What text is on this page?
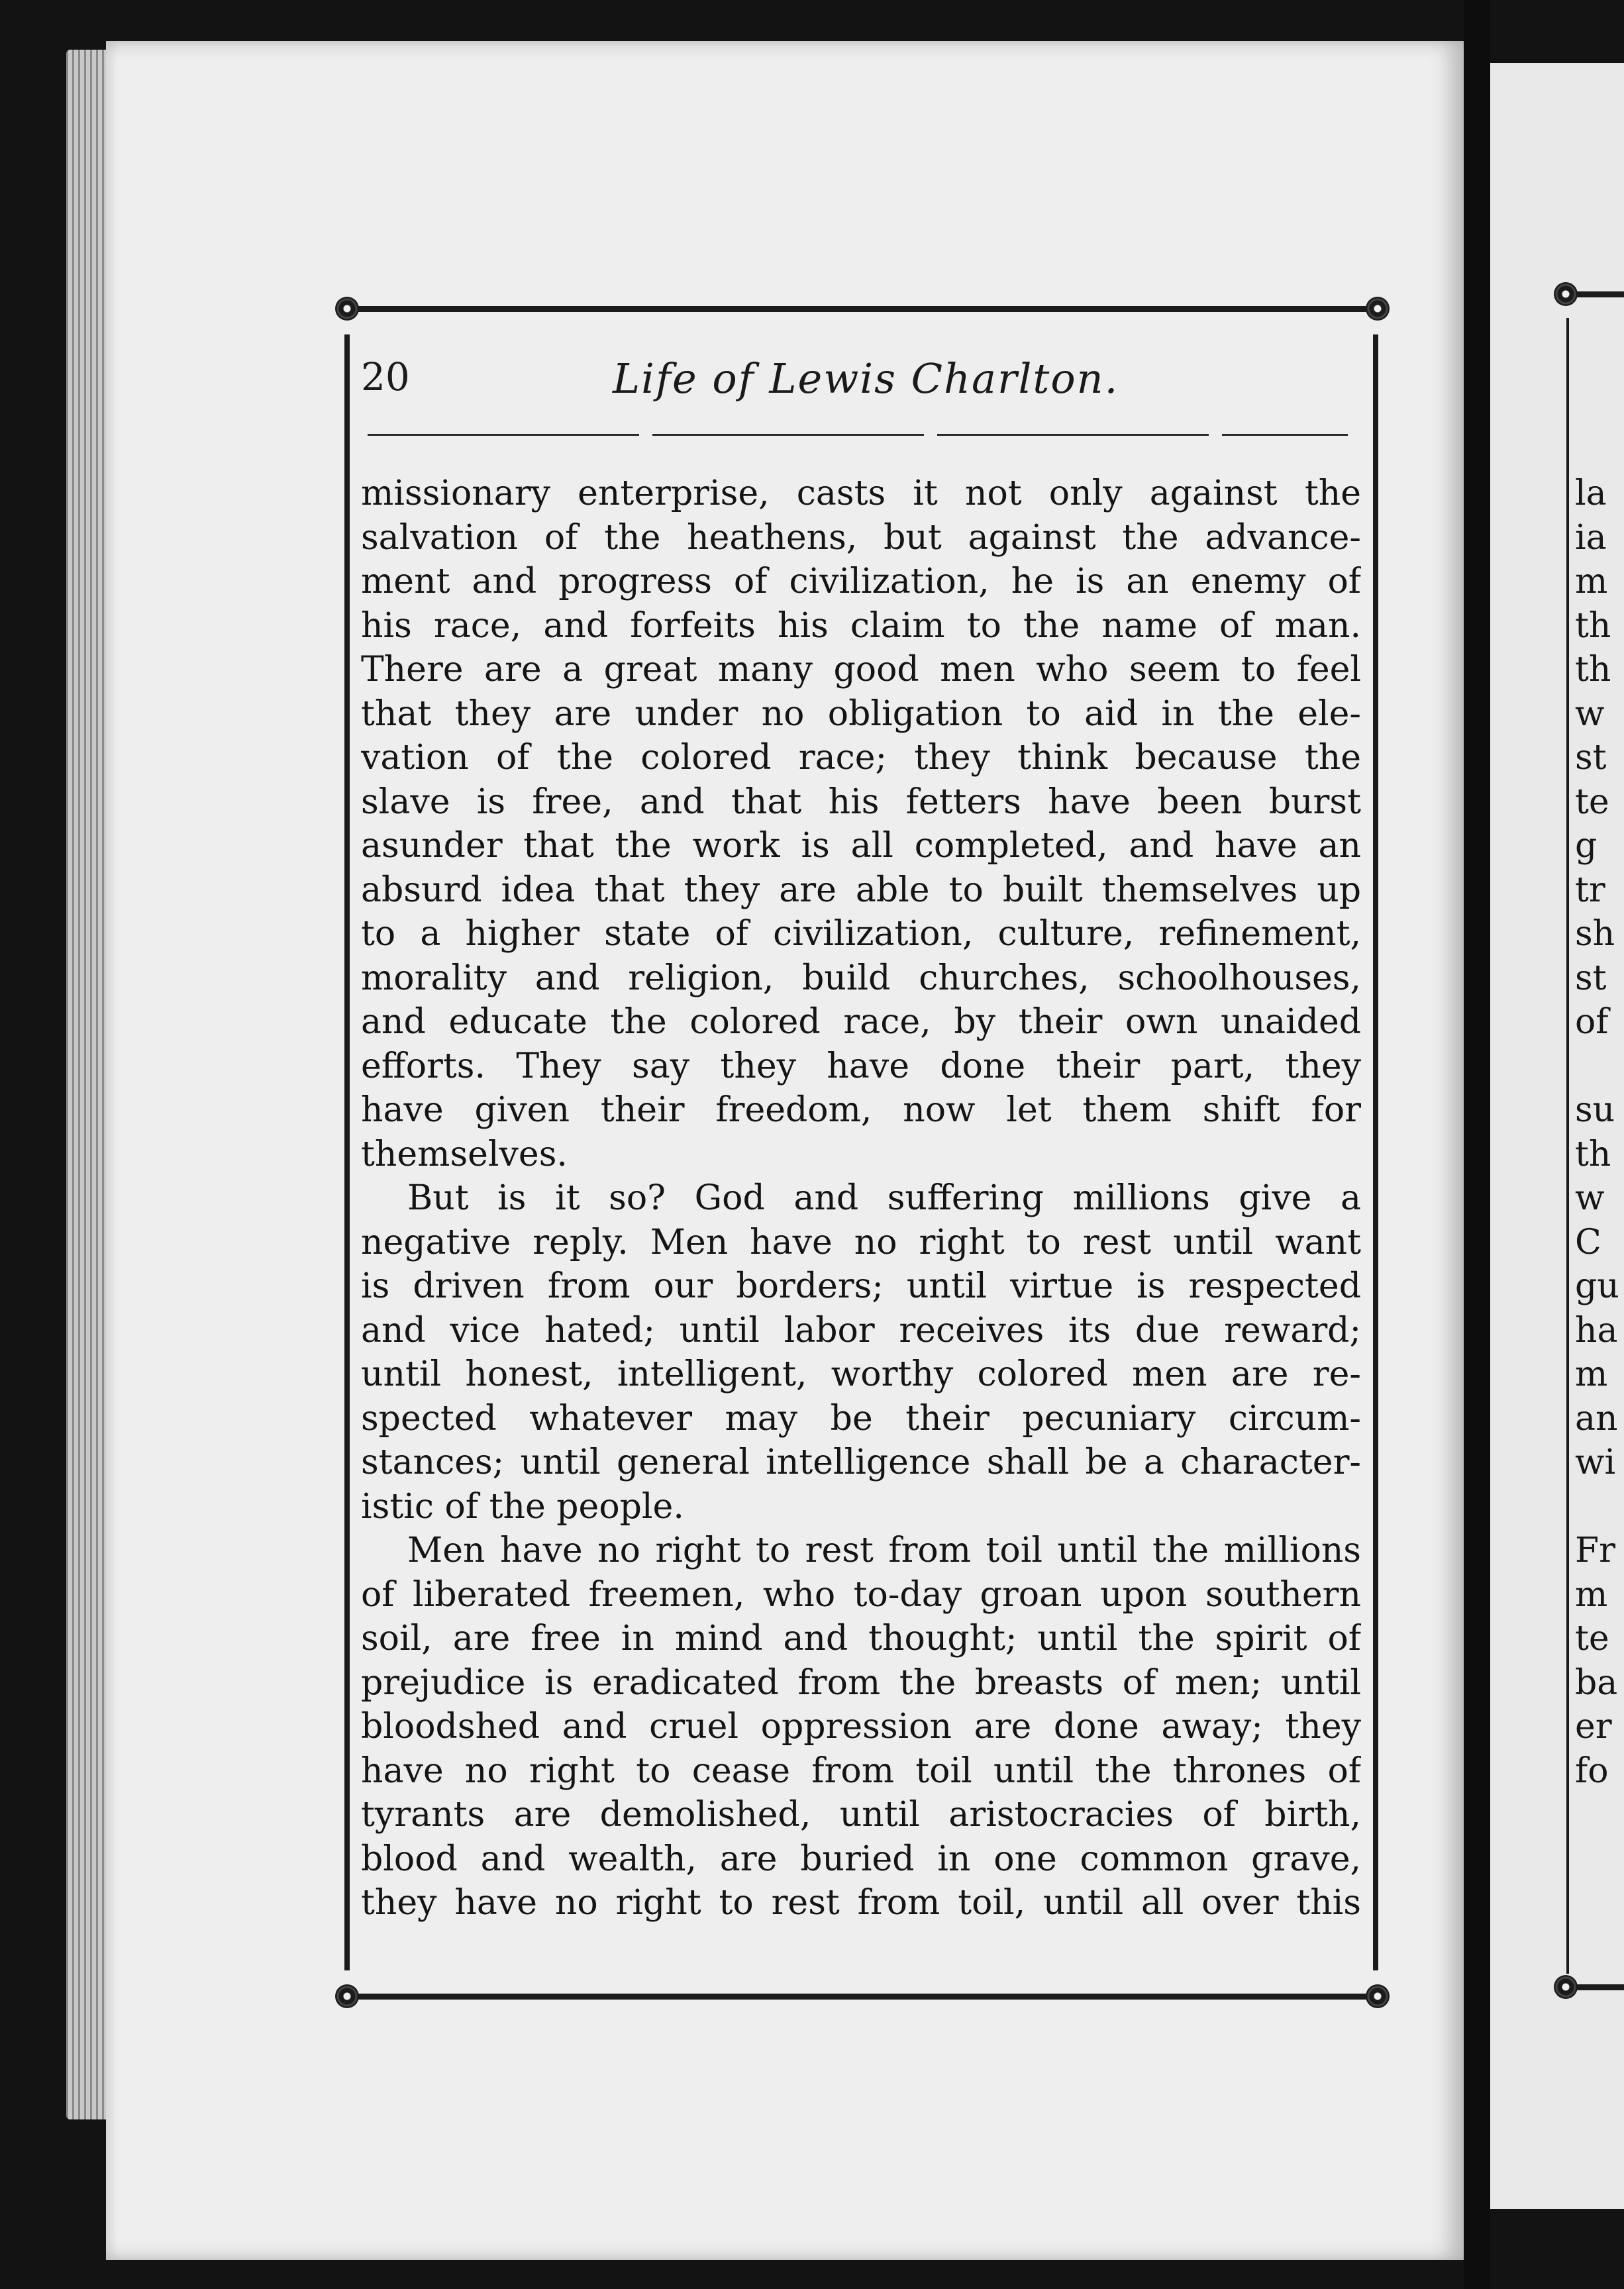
20	Life of Lewis Charlton.

missionary enterprise, casts it not only against the
salvation of the heathens, but against the advance-
ment and progress of civilization, he is an enemy of
his race, and forfeits his claim to the name of man.
There are a great many good men who seem to feel
that they are under no obligation to aid in the ele-
vation of the colored race; they think because the
slave is free, and that his fetters have been burst
asunder that the work is all completed, and have an
absurd idea that they are able to built themselves up
to a higher state of civilization, culture, refinement,
morality and religion, build churches, schoolhouses,
and educate the colored race, by their own unaided
efforts. They say they have done their part, they
have given their freedom, now let them shift for
themselves.

But is it so? God and suffering millions give a
negative reply. Men have no right to rest until want
is driven from our borders; until virtue is respected
and vice hated; until labor receives its due reward;
until honest, intelligent, worthy colored men are re-
spected whatever may be their pecuniary circum-
stances; until general intelligence shall be a character-
istic of the people.

Men have no right to rest from toil until the millions
of liberated freemen, who to-day groan upon southern
soil, are free in mind and thought; until the spirit of
prejudice is eradicated from the breasts of men; until
bloodshed and cruel oppression are done away; they
have no right to cease from toil until the thrones of
tyrants are demolished, until aristocracies of birth,
blood and wealth, are buried in one common grave,
they have no right to rest from toil, until all over this

la
ia
m
th
th
w
st
te
g
tr
sh
st
of
su
th
w
C
gu
ha
m
an
wi
Fr
m
te
ba
er
fo
